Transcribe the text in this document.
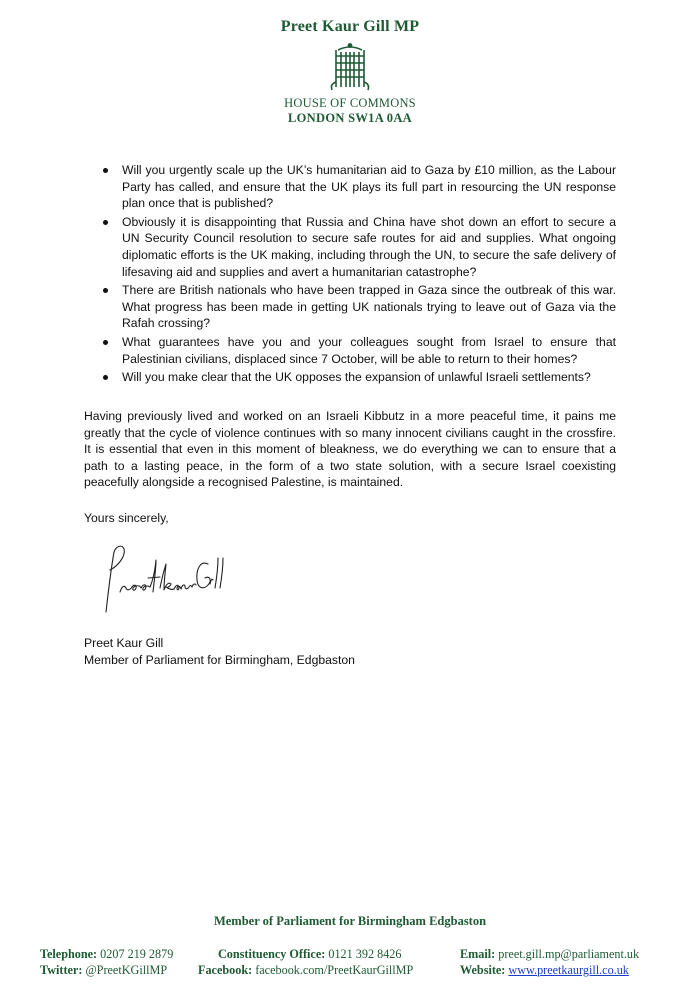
Preet Kaur Gill MP
HOUSE OF COMMONS
LONDON SW1A 0AA
Will you urgently scale up the UK’s humanitarian aid to Gaza by £10 million, as the Labour Party has called, and ensure that the UK plays its full part in resourcing the UN response plan once that is published?
Obviously it is disappointing that Russia and China have shot down an effort to secure a UN Security Council resolution to secure safe routes for aid and supplies. What ongoing diplomatic efforts is the UK making, including through the UN, to secure the safe delivery of lifesaving aid and supplies and avert a humanitarian catastrophe?
There are British nationals who have been trapped in Gaza since the outbreak of this war. What progress has been made in getting UK nationals trying to leave out of Gaza via the Rafah crossing?
What guarantees have you and your colleagues sought from Israel to ensure that Palestinian civilians, displaced since 7 October, will be able to return to their homes?
Will you make clear that the UK opposes the expansion of unlawful Israeli settlements?
Having previously lived and worked on an Israeli Kibbutz in a more peaceful time, it pains me greatly that the cycle of violence continues with so many innocent civilians caught in the crossfire. It is essential that even in this moment of bleakness, we do everything we can to ensure that a path to a lasting peace, in the form of a two state solution, with a secure Israel coexisting peacefully alongside a recognised Palestine, is maintained.
Yours sincerely,
Preet Kaur Gill
Member of Parliament for Birmingham, Edgbaston
Member of Parliament for Birmingham Edgbaston
Telephone: 0207 219 2879	Constituency Office: 0121 392 8426	Email: preet.gill.mp@parliament.uk
Twitter: @PreetKGillMP	Facebook: facebook.com/PreetKaurGillMP	Website: www.preetkaurgill.co.uk
